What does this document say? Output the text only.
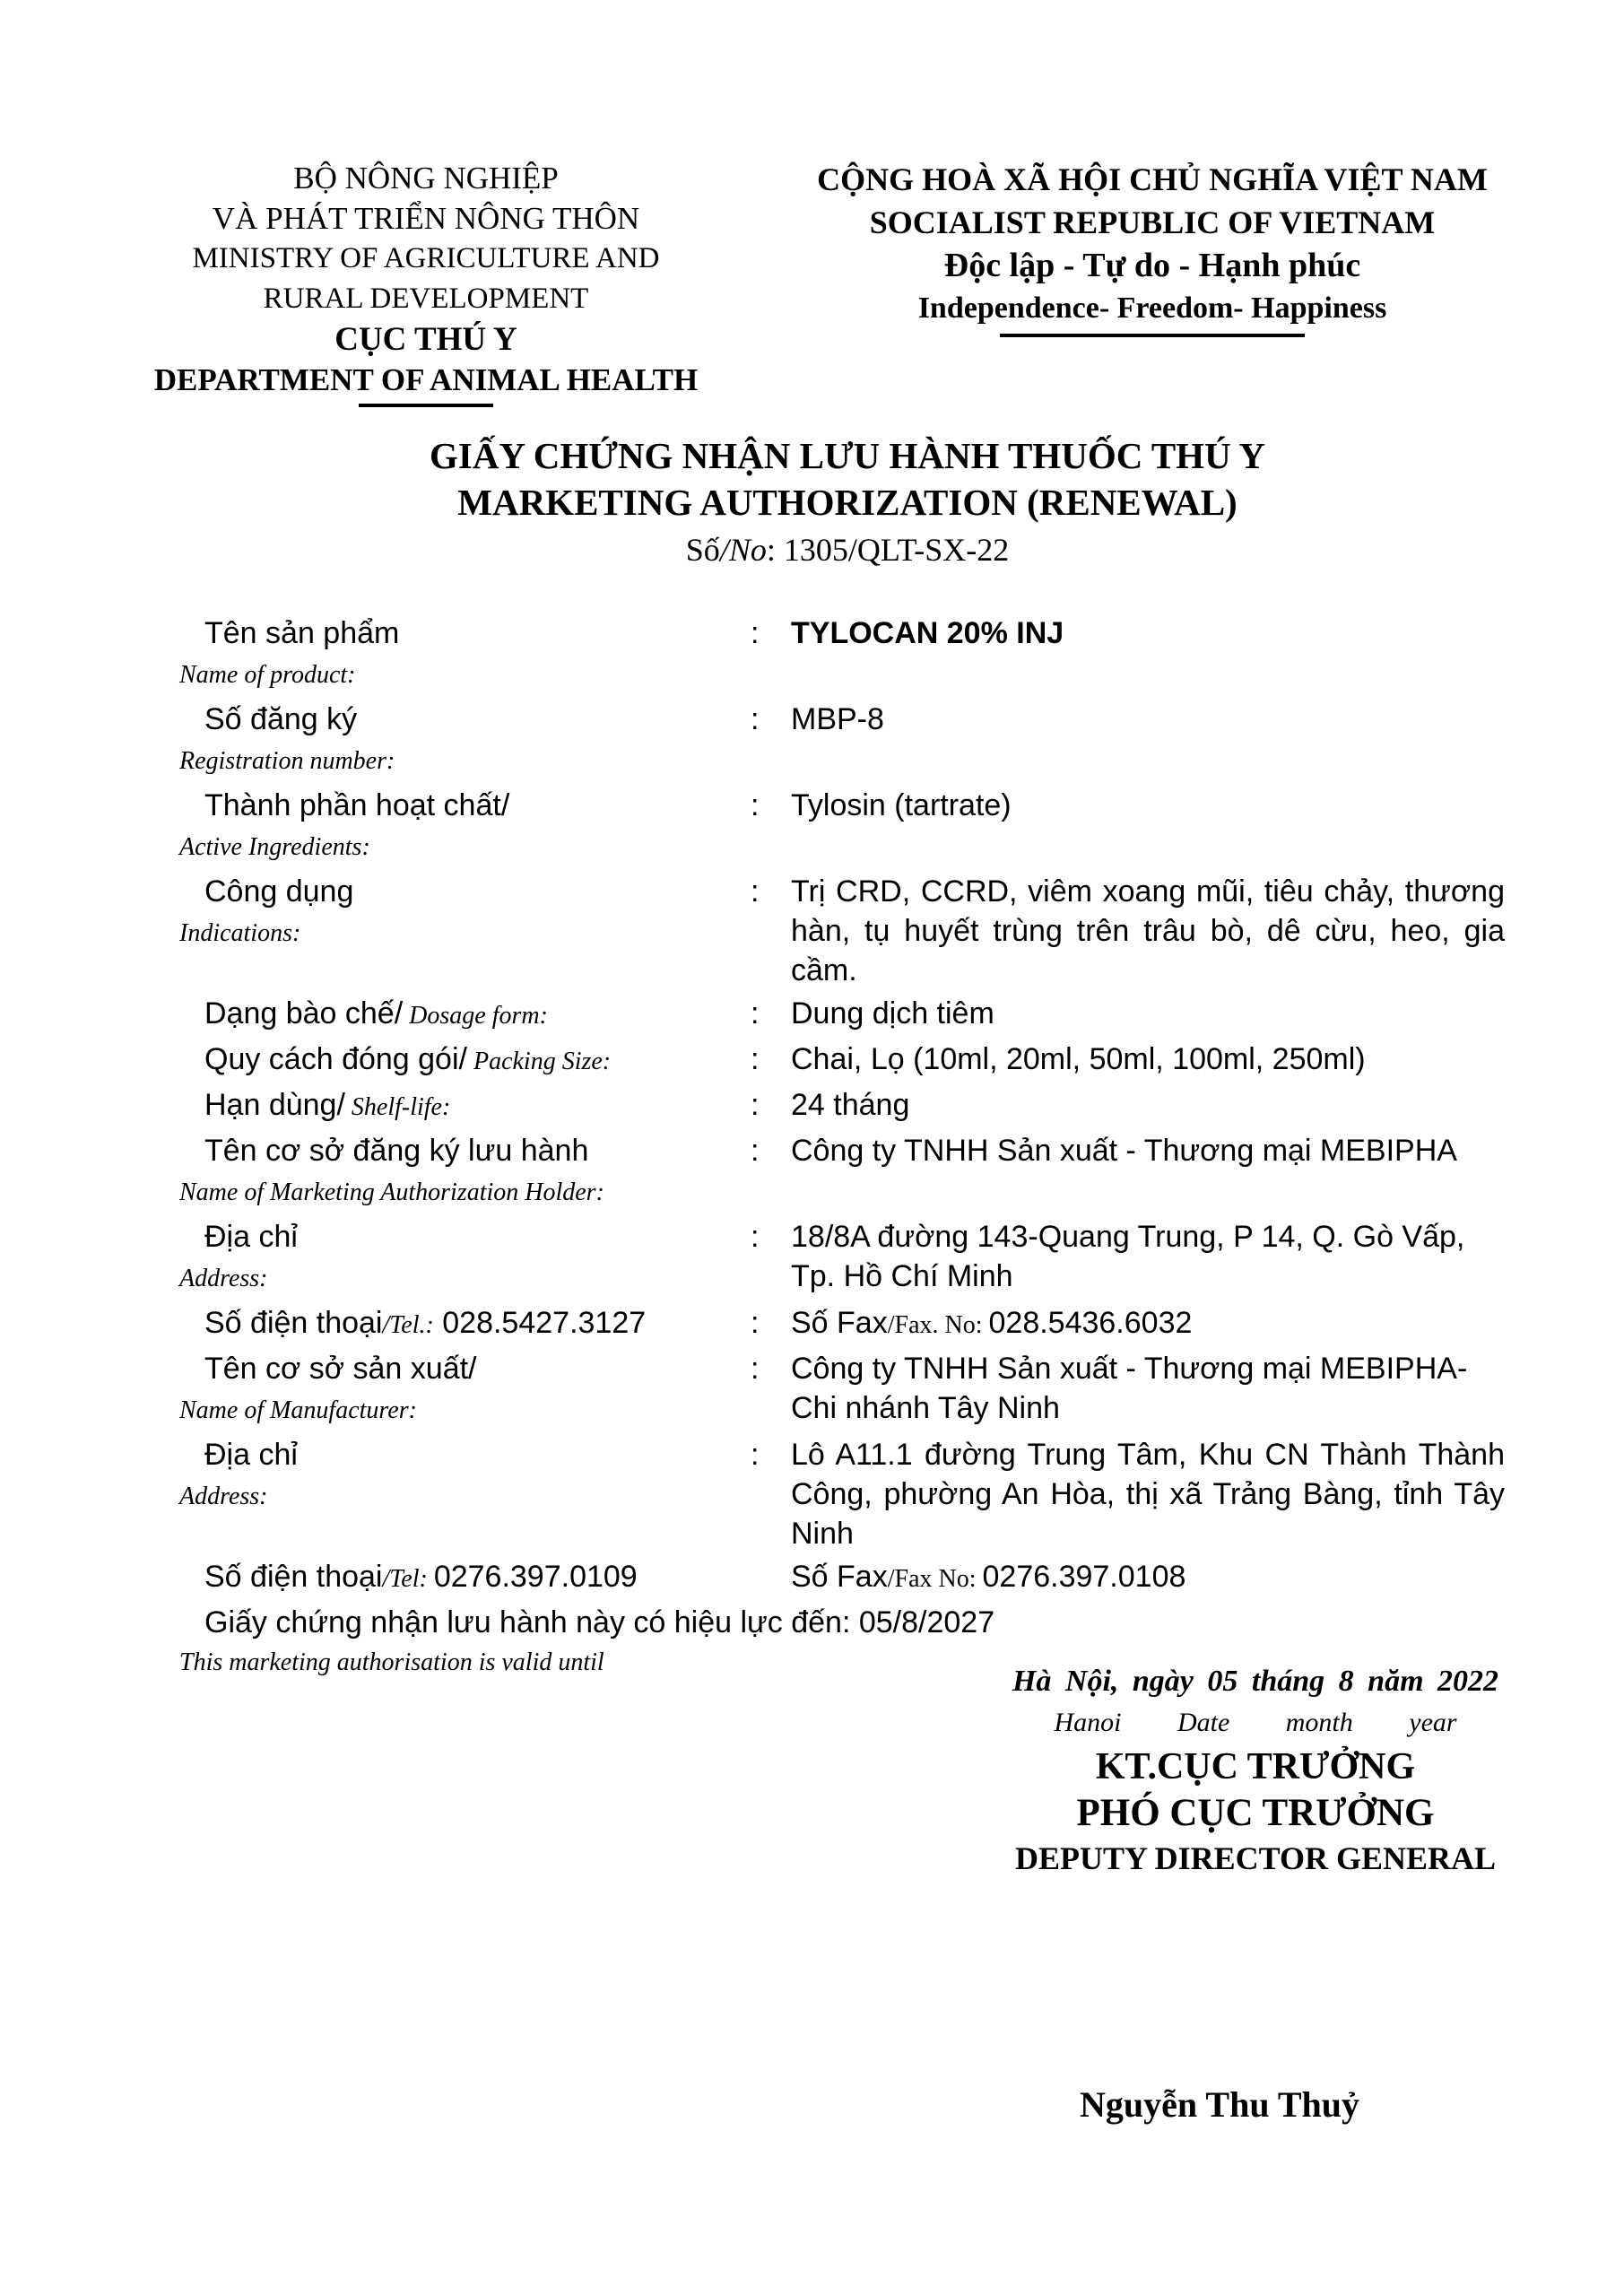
BỘ NÔNG NGHIỆP
VÀ PHÁT TRIỂN NÔNG THÔN
MINISTRY OF AGRICULTURE AND
RURAL DEVELOPMENT
CỤC THÚ Y
DEPARTMENT OF ANIMAL HEALTH
CỘNG HOÀ XÃ HỘI CHỦ NGHĨA VIỆT NAM
SOCIALIST REPUBLIC OF VIETNAM
Độc lập - Tự do - Hạnh phúc
Independence- Freedom- Happiness
GIẤY CHỨNG NHẬN LƯU HÀNH THUỐC THÚ Y
MARKETING AUTHORIZATION (RENEWAL)
Số/No: 1305/QLT-SX-22
Tên sản phẩm
Name of product:
:	TYLOCAN 20% INJ
Số đăng ký
Registration number:
:	MBP-8
Thành phần hoạt chất/
Active Ingredients:
:	Tylosin (tartrate)
Công dụng
Indications:
:	Trị CRD, CCRD, viêm xoang mũi, tiêu chảy, thương hàn, tụ huyết trùng trên trâu bò, dê cừu, heo, gia cầm.
Dạng bào chế/ Dosage form:	:	Dung dịch tiêm
Quy cách đóng gói/ Packing Size:	:	Chai, Lọ (10ml, 20ml, 50ml, 100ml, 250ml)
Hạn dùng/ Shelf-life:	:	24 tháng
Tên cơ sở đăng ký lưu hành
Name of Marketing Authorization Holder:
:	Công ty TNHH Sản xuất - Thương mại MEBIPHA
Địa chỉ
Address:
:	18/8A đường 143-Quang Trung, P 14, Q. Gò Vấp, Tp. Hồ Chí Minh
Số điện thoại/Tel.: 028.5427.3127	:	Số Fax/Fax. No: 028.5436.6032
Tên cơ sở sản xuất/
Name of Manufacturer:
:	Công ty TNHH Sản xuất - Thương mại MEBIPHA- Chi nhánh Tây Ninh
Địa chỉ
Address:
:	Lô A11.1 đường Trung Tâm, Khu CN Thành Thành Công, phường An Hòa, thị xã Trảng Bàng, tỉnh Tây Ninh
Số điện thoại/Tel: 0276.397.0109	Số Fax/Fax No: 0276.397.0108
Giấy chứng nhận lưu hành này có hiệu lực đến: 05/8/2027
This marketing authorisation is valid until
Hà Nội, ngày 05 tháng 8 năm 2022
Hanoi Date month year
KT.CỤC TRƯỞNG
PHÓ CỤC TRƯỞNG
DEPUTY DIRECTOR GENERAL
Nguyễn Thu Thuỷ
